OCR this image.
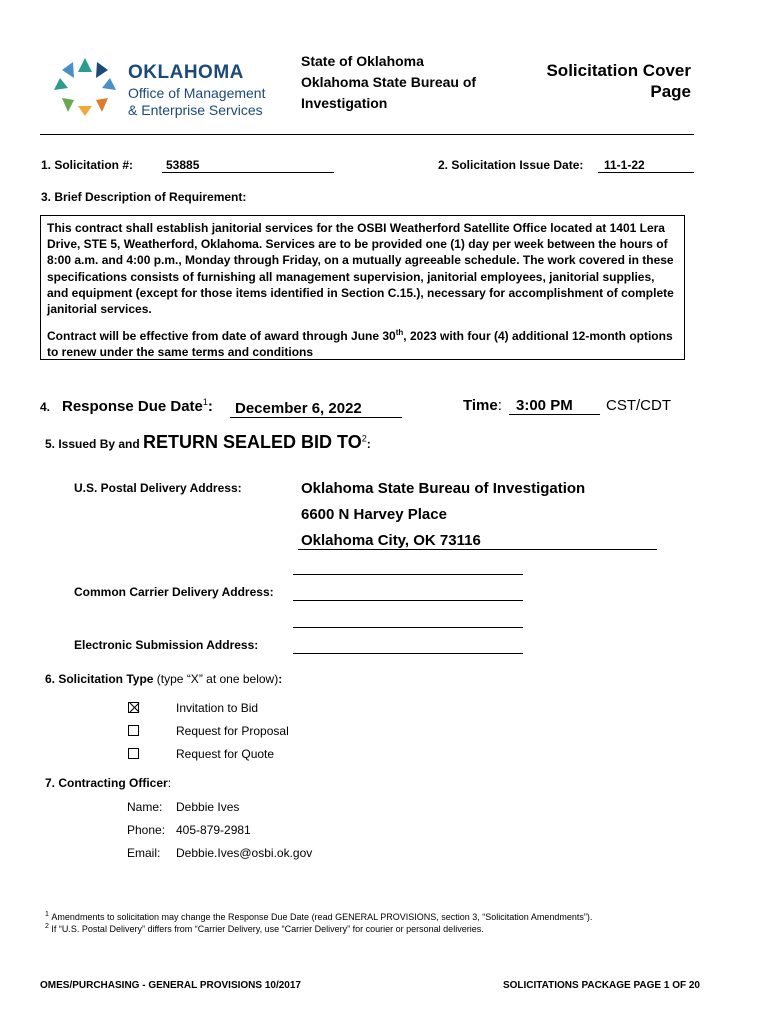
OKLAHOMA
Office of Management
& Enterprise Services
State of Oklahoma
Oklahoma State Bureau of
Investigation
Solicitation Cover
Page
1. Solicitation #:	53885	2. Solicitation Issue Date:	11-1-22
3. Brief Description of Requirement:

This contract shall establish janitorial services for the OSBI Weatherford Satellite Office located at 1401 Lera Drive, STE 5, Weatherford, Oklahoma. Services are to be provided one (1) day per week between the hours of 8:00 a.m. and 4:00 p.m., Monday through Friday, on a mutually agreeable schedule. The work covered in these specifications consists of furnishing all management supervision, janitorial employees, janitorial supplies, and equipment (except for those items identified in Section C.15.), necessary for accomplishment of complete janitorial services.

Contract will be effective from date of award through June 30th, 2023 with four (4) additional 12-month options to renew under the same terms and conditions

4. Response Due Date$^1$:	December 6, 2022	Time: 3:00 PM	CST/CDT
5. Issued By and RETURN SEALED BID $TO^2$:
U.S. Postal Delivery Address:	Oklahoma State Bureau of Investigation
6600 N Harvey Place
Oklahoma City, OK 73116
Common Carrier Delivery Address:
Electronic Submission Address:
6. Solicitation Type (type “X” at one below):
Invitation to Bid
Request for Proposal
Request for Quote
7. Contracting Officer:
Name: Debbie Ives
Phone: 405-879-2981
Email: Debbie.Ives@osbi.ok.gov
$^1$ Amendments to solicitation may change the Response Due Date (read GENERAL PROVISIONS, section 3, “Solicitation Amendments”).
$^2$ If “U.S. Postal Delivery” differs from “Carrier Delivery, use “Carrier Delivery” for courier or personal deliveries.
OMES/PURCHASING - GENERAL PROVISIONS 10/2017	SOLICITATIONS PACKAGE PAGE 1 OF 20
